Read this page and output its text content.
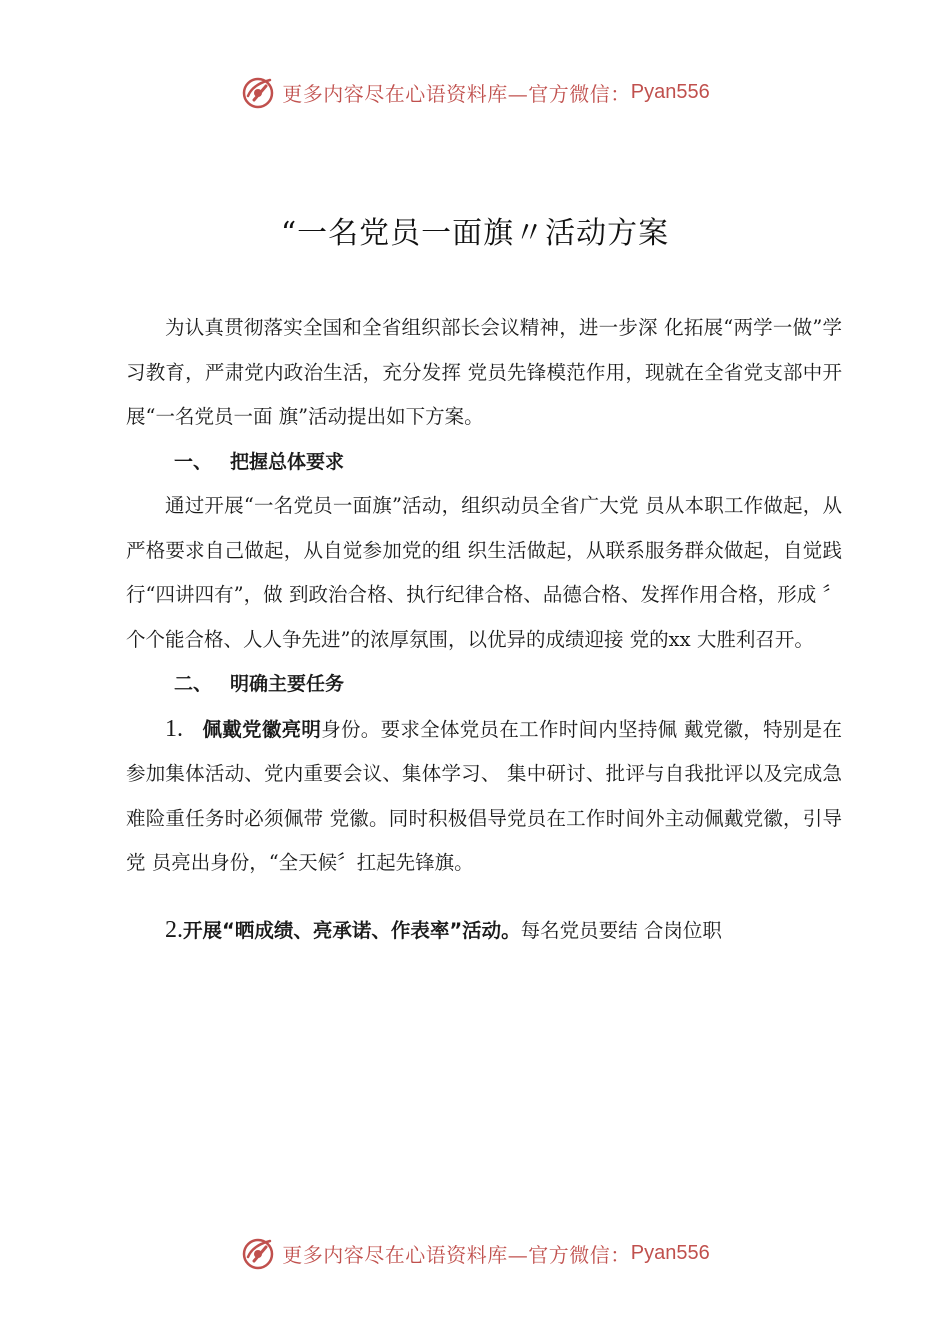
更多内容尽在心语资料库—官方微信： Pyan556
“一名党员一面旗〃活动方案

为认真贯彻落实全国和全省组织部长会议精神，进一步深 化拓展“两学一做”学习教育，严肃党内政治生活，充分发挥 党员先锋模范作用，现就在全省党支部中开展“一名党员一面 旗”活动提出如下方案。

一、 把握总体要求

通过开展“一名党员一面旗”活动，组织动员全省广大党 员从本职工作做起，从严格要求自己做起，从自觉参加党的组 织生活做起，从联系服务群众做起，自觉践行“四讲四有”，做 到政治合格、执行纪律合格、品德合格、发挥作用合格，形成 〞个个能合格、人人争先进”的浓厚氛围，以优异的成绩迎接 党的xx 大胜利召开。

二、 明确主要任务

1. 佩戴党徽亮明身份。要求全体党员在工作时间内坚持佩 戴党徽，特别是在参加集体活动、党内重要会议、集体学习、 集中研讨、批评与自我批评以及完成急难险重任务时必须佩带 党徽。同时积极倡导党员在工作时间外主动佩戴党徽，引导党 员亮出身份，“全天候〞扛起先锋旗。

2.开展“晒成绩、亮承诺、作表率”活动。每名党员要结 合岗位职

更多内容尽在心语资料库—官方微信： Pyan556
